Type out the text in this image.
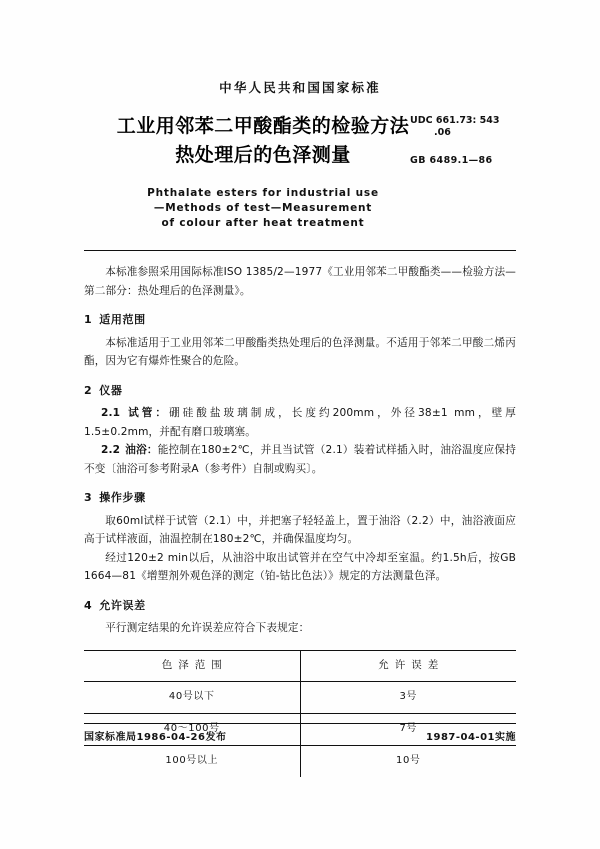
中华人民共和国国家标准
工业用邻苯二甲酸酯类的检验方法
热处理后的色泽测量
UDC 661.73: 543
.06
GB 6489.1—86
Phthalate esters for industrial use
—Methods of test—Measurement
of colour after heat treatment

本标准参照采用国际标准ISO 1385/2—1977《工业用邻苯二甲酸酯类——检验方法—第二部分：热处理后的色泽测量》。

1 适用范围

本标准适用于工业用邻苯二甲酸酯类热处理后的色泽测量。不适用于邻苯二甲酸二烯丙酯，因为它有爆炸性聚合的危险。

2 仪器

2.1 试管：硼硅酸盐玻璃制成，长度约200mm，外径38±1 mm，壁厚1.5±0.2mm，并配有磨口玻璃塞。

2.2 油浴：能控制在180±2℃，并且当试管（2.1）装着试样插入时，油浴温度应保持不变〔油浴可参考附录A（参考件）自制或购买〕。

3 操作步骤

取60ml试样于试管（2.1）中，并把塞子轻轻盖上，置于油浴（2.2）中，油浴液面应高于试样液面，油温控制在180±2℃，并确保温度均匀。

经过120±2 min以后，从油浴中取出试管并在空气中冷却至室温。约1.5h后，按GB 1664—81《增塑剂外观色泽的测定（铂-钴比色法）》规定的方法测量色泽。

4 允许误差

平行测定结果的允许误差应符合下表规定：

色泽范围	允许误差
40号以下	3号
40～100号	7号
100号以上	10号
国家标准局1986-04-26发布	1987-04-01实施
